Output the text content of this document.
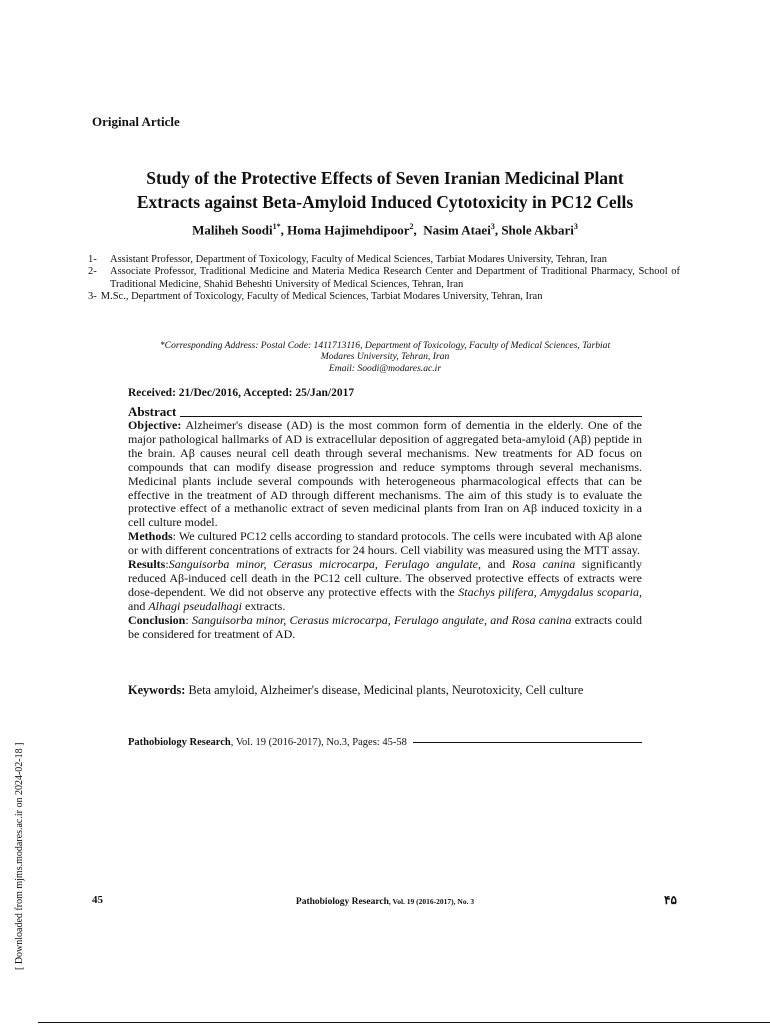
Original Article
Study of the Protective Effects of Seven Iranian Medicinal Plant
Extracts against Beta-Amyloid Induced Cytotoxicity in PC12 Cells
Maliheh Soodi$^{1*}$, Homa Hajimehdipoor$^2$,  Nasim Ataei$^3$, Shole Akbari$^3$
1-	Assistant Professor, Department of Toxicology, Faculty of Medical Sciences, Tarbiat Modares University, Tehran, Iran
2-	Associate Professor, Traditional Medicine and Materia Medica Research Center and Department of Traditional Pharmacy, School of Traditional Medicine, Shahid Beheshti University of Medical Sciences, Tehran, Iran
3- M.Sc., Department of Toxicology, Faculty of Medical Sciences, Tarbiat Modares University, Tehran, Iran
*Corresponding Address: Postal Code: 1411713116, Department of Toxicology, Faculty of Medical Sciences, Tarbiat
Modares University, Tehran, Iran
Email: Soodi@modares.ac.ir
Received: 21/Dec/2016, Accepted: 25/Jan/2017
Abstract

Objective: Alzheimer's disease (AD) is the most common form of dementia in the elderly. One of the major pathological hallmarks of AD is extracellular deposition of aggregated beta-amyloid (Aβ) peptide in the brain. Aβ causes neural cell death through several mechanisms. New treatments for AD focus on compounds that can modify disease progression and reduce symptoms through several mechanisms. Medicinal plants include several compounds with heterogeneous pharmacological effects that can be effective in the treatment of AD through different mechanisms. The aim of this study is to evaluate the protective effect of a methanolic extract of seven medicinal plants from Iran on Aβ induced toxicity in a cell culture model.

Methods: We cultured PC12 cells according to standard protocols. The cells were incubated with Aβ alone or with different concentrations of extracts for 24 hours. Cell viability was measured using the MTT assay.

Results:Sanguisorba minor, Cerasus microcarpa, Ferulago angulate, and Rosa canina significantly reduced Aβ-induced cell death in the PC12 cell culture. The observed protective effects of extracts were dose-dependent. We did not observe any protective effects with the Stachys pilifera, Amygdalus scoparia, and Alhagi pseudalhagi extracts.

Conclusion: Sanguisorba minor, Cerasus microcarpa, Ferulago angulate, and Rosa canina extracts could be considered for treatment of AD.

Keywords: Beta amyloid, Alzheimer's disease, Medicinal plants, Neurotoxicity, Cell culture
Pathobiology Research, Vol. 19 (2016-2017), No.3, Pages: 45-58
45	Pathobiology Research, Vol. 19 (2016-2017), No. 3	۴۵
[ Downloaded from mjms.modares.ac.ir on 2024-02-18 ]
